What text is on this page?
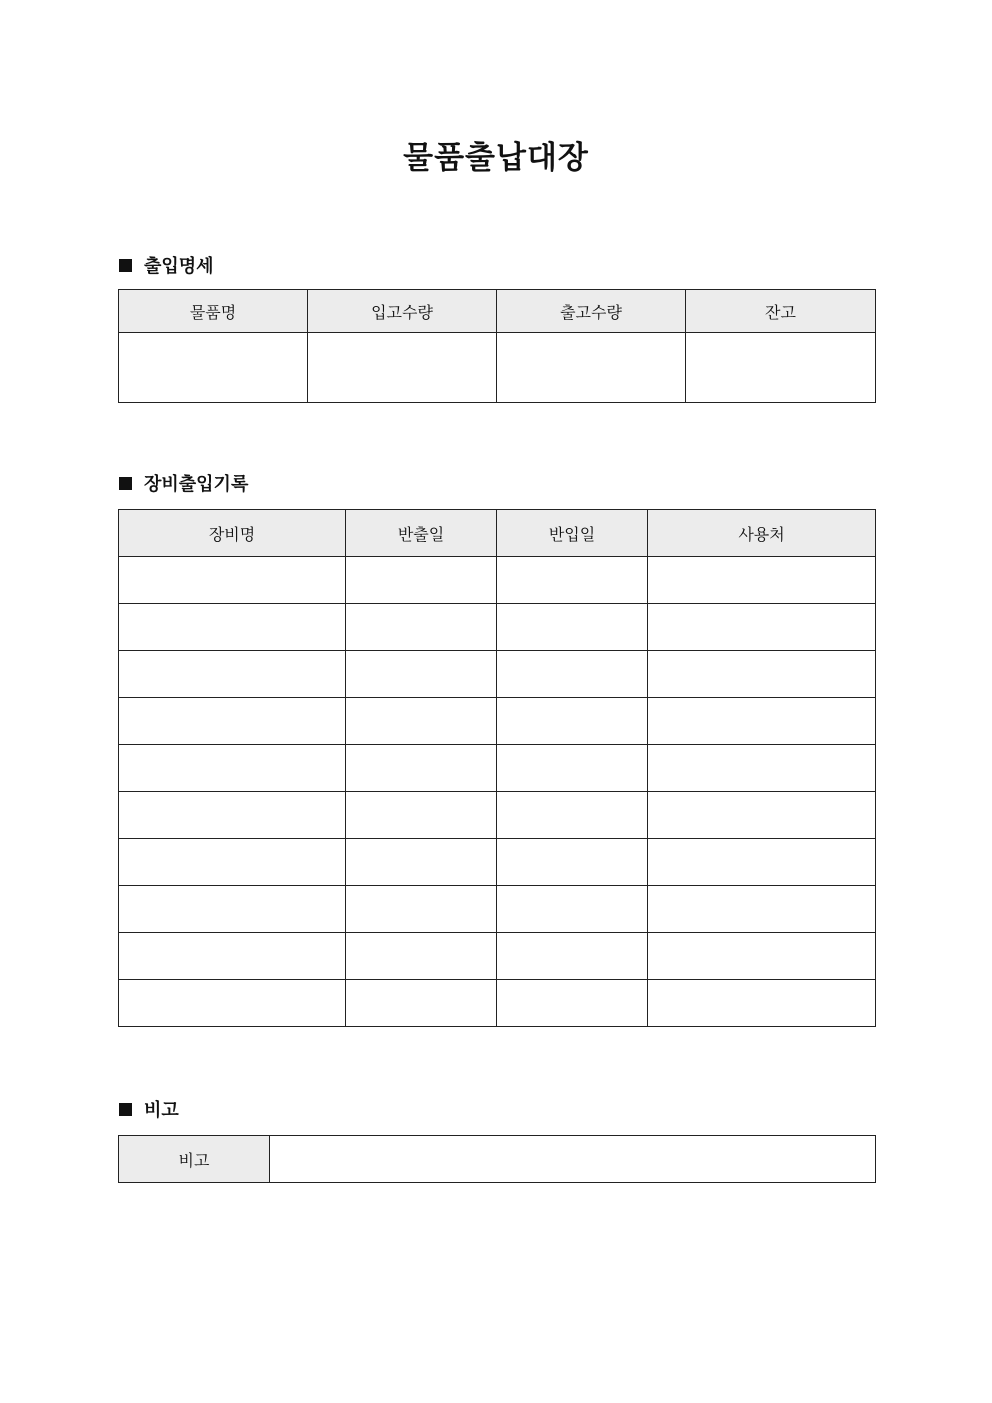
물품출납대장
출입명세
물품명	입고수량	출고수량	잔고

장비출입기록
장비명	반출일	반입일	사용처

비고
비고	
